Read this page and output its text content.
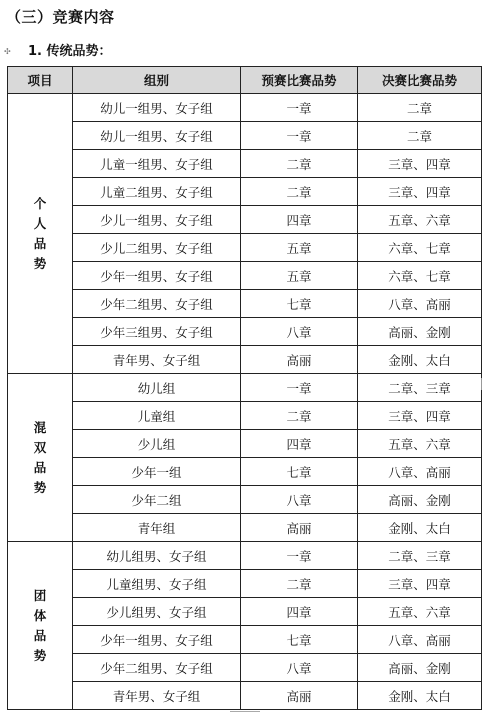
（三）竞赛内容
✣ 1. 传统品势：
项目	组别	预赛比赛品势	决赛比赛品势

个
人
品
势	幼儿一组男、女子组	一章	二章
	幼儿一组男、女子组	一章	二章
	儿童一组男、女子组	二章	三章、四章
	儿童二组男、女子组	二章	三章、四章
	少儿一组男、女子组	四章	五章、六章
	少儿二组男、女子组	五章	六章、七章
	少年一组男、女子组	五章	六章、七章
	少年二组男、女子组	七章	八章、高丽
	少年三组男、女子组	八章	高丽、金刚
	青年男、女子组	高丽	金刚、太白

混
双
品
势	幼儿组	一章	二章、三章
	儿童组	二章	三章、四章
	少儿组	四章	五章、六章
	少年一组	七章	八章、高丽
	少年二组	八章	高丽、金刚
	青年组	高丽	金刚、太白

团
体
品
势	幼儿组男、女子组	一章	二章、三章
	儿童组男、女子组	二章	三章、四章
	少儿组男、女子组	四章	五章、六章
	少年一组男、女子组	七章	八章、高丽
	少年二组男、女子组	八章	高丽、金刚
	青年男、女子组	高丽	金刚、太白
